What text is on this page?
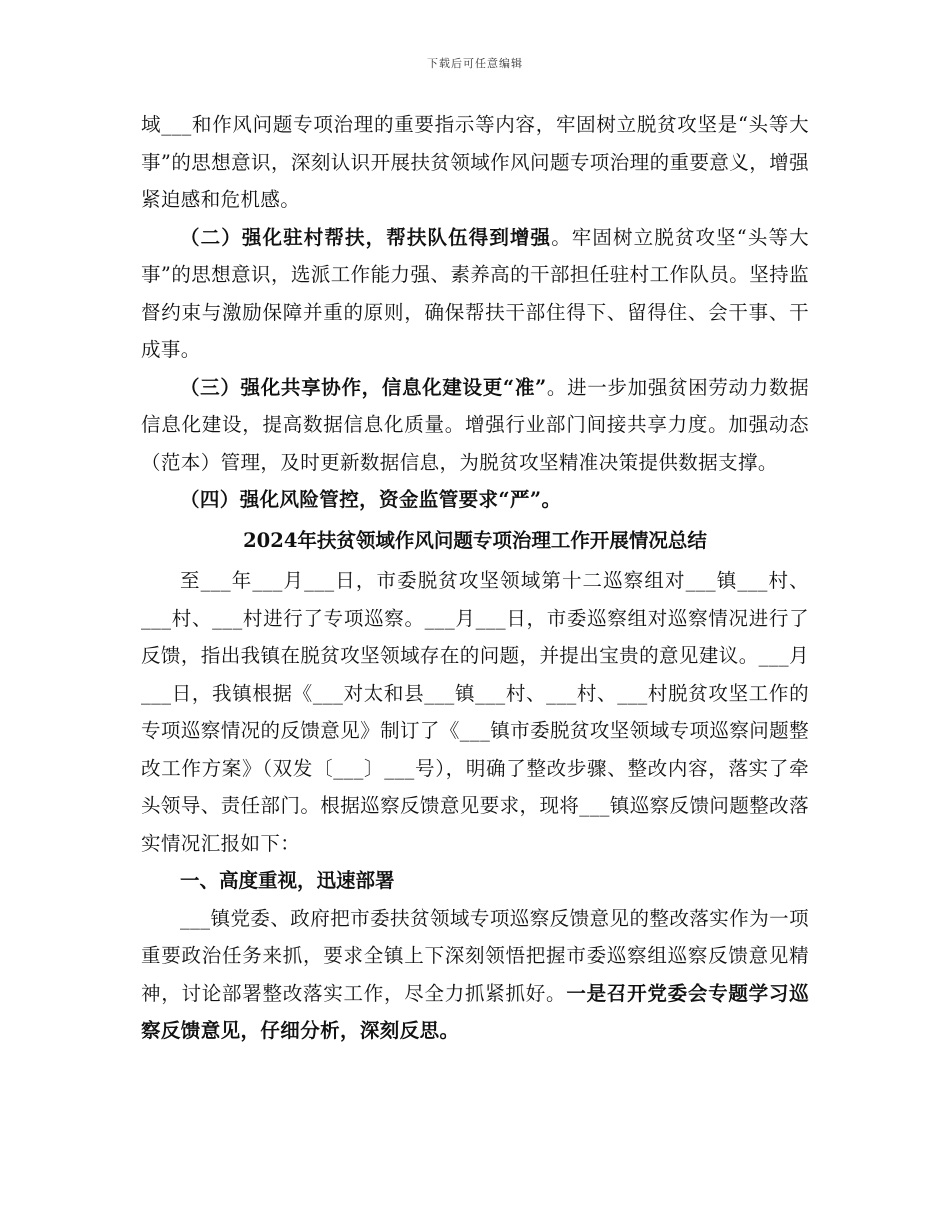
下载后可任意编辑

域___和作风问题专项治理的重要指示等内容，牢固树立脱贫攻坚是“头等大事”的思想意识，深刻认识开展扶贫领域作风问题专项治理的重要意义，增强紧迫感和危机感。

（二）强化驻村帮扶，帮扶队伍得到增强。牢固树立脱贫攻坚“头等大事”的思想意识，选派工作能力强、素养高的干部担任驻村工作队员。坚持监督约束与激励保障并重的原则，确保帮扶干部住得下、留得住、会干事、干成事。

（三）强化共享协作，信息化建设更“准”。进一步加强贫困劳动力数据信息化建设，提高数据信息化质量。增强行业部门间接共享力度。加强动态（范本）管理，及时更新数据信息，为脱贫攻坚精准决策提供数据支撑。

（四）强化风险管控，资金监管要求“严”。

2024年扶贫领域作风问题专项治理工作开展情况总结

至___年___月___日，市委脱贫攻坚领域第十二巡察组对___镇___村、___村、___村进行了专项巡察。___月___日，市委巡察组对巡察情况进行了反馈，指出我镇在脱贫攻坚领域存在的问题，并提出宝贵的意见建议。___月___日，我镇根据《___对太和县___镇___村、___村、___村脱贫攻坚工作的专项巡察情况的反馈意见》制订了《___镇市委脱贫攻坚领域专项巡察问题整改工作方案》（双发〔___〕___号），明确了整改步骤、整改内容，落实了牵头领导、责任部门。根据巡察反馈意见要求，现将___镇巡察反馈问题整改落实情况汇报如下：

一、高度重视，迅速部署

___镇党委、政府把市委扶贫领域专项巡察反馈意见的整改落实作为一项重要政治任务来抓，要求全镇上下深刻领悟把握市委巡察组巡察反馈意见精神，讨论部署整改落实工作，尽全力抓紧抓好。一是召开党委会专题学习巡察反馈意见，仔细分析，深刻反思。
